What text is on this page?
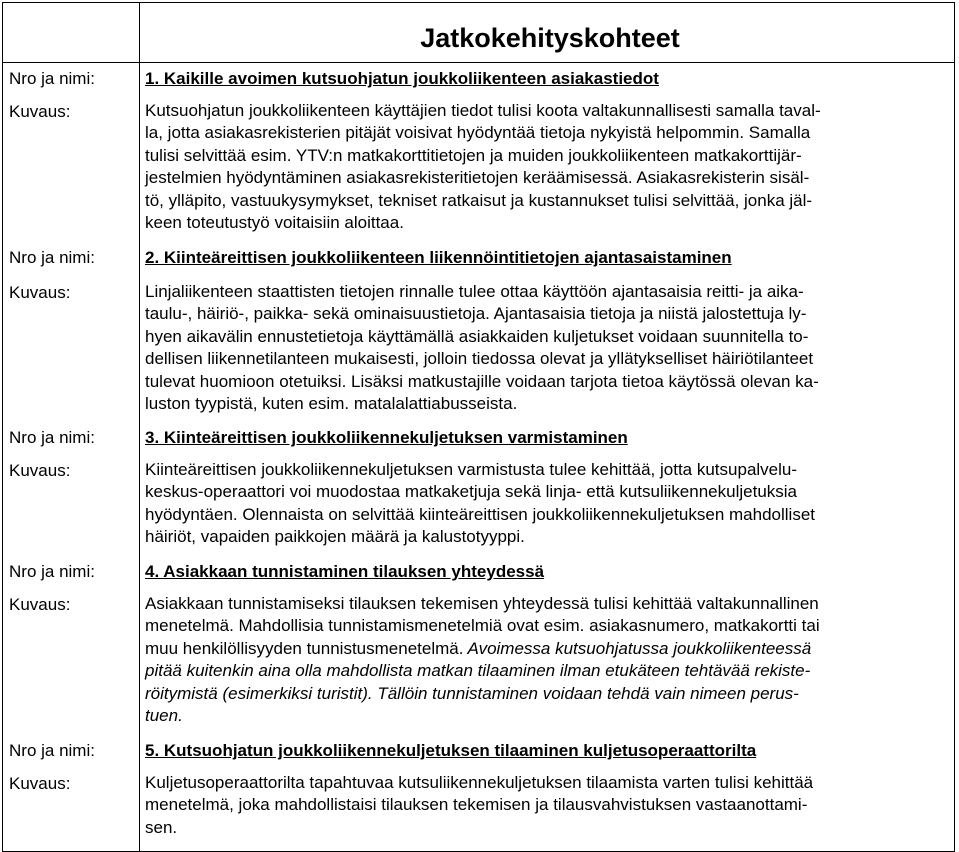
Jatkokehityskohteet
Nro ja nimi:	1. Kaikille avoimen kutsuohjatun joukkoliikenteen asiakastiedot
Kuvaus:	Kutsuohjatun joukkoliikenteen käyttäjien tiedot tulisi koota valtakunnallisesti samalla taval-
la, jotta asiakasrekisterien pitäjät voisivat hyödyntää tietoja nykyistä helpommin. Samalla
tulisi selvittää esim. YTV:n matkakorttitietojen ja muiden joukkoliikenteen matkakorttijär-
jestelmien hyödyntäminen asiakasrekisteritietojen keräämisessä. Asiakasrekisterin sisäl-
tö, ylläpito, vastuukysymykset, tekniset ratkaisut ja kustannukset tulisi selvittää, jonka jäl-
keen toteutustyö voitaisiin aloittaa.
Nro ja nimi:	2. Kiinteäreittisen joukkoliikenteen liikennöintitietojen ajantasaistaminen
Kuvaus:	Linjaliikenteen staattisten tietojen rinnalle tulee ottaa käyttöön ajantasaisia reitti- ja aika-
taulu-, häiriö-, paikka- sekä ominaisuustietoja. Ajantasaisia tietoja ja niistä jalostettuja ly-
hyen aikavälin ennustetietoja käyttämällä asiakkaiden kuljetukset voidaan suunnitella to-
dellisen liikennetilanteen mukaisesti, jolloin tiedossa olevat ja yllätykselliset häiriötilanteet
tulevat huomioon otetuiksi. Lisäksi matkustajille voidaan tarjota tietoa käytössä olevan ka-
luston tyypistä, kuten esim. matalalattiabusseista.
Nro ja nimi:	3. Kiinteäreittisen joukkoliikennekuljetuksen varmistaminen
Kuvaus:	Kiinteäreittisen joukkoliikennekuljetuksen varmistusta tulee kehittää, jotta kutsupalvelu-
keskus-operaattori voi muodostaa matkaketjuja sekä linja- että kutsuliikennekuljetuksia
hyödyntäen. Olennaista on selvittää kiinteäreittisen joukkoliikennekuljetuksen mahdolliset
häiriöt, vapaiden paikkojen määrä ja kalustotyyppi.
Nro ja nimi:	4. Asiakkaan tunnistaminen tilauksen yhteydessä
Kuvaus:	Asiakkaan tunnistamiseksi tilauksen tekemisen yhteydessä tulisi kehittää valtakunnallinen
menetelmä. Mahdollisia tunnistamismenetelmiä ovat esim. asiakasnumero, matkakortti tai
muu henkilöllisyyden tunnistusmenetelmä. Avoimessa kutsuohjatussa joukkoliikenteessä
pitää kuitenkin aina olla mahdollista matkan tilaaminen ilman etukäteen tehtävää rekiste-
röitymistä (esimerkiksi turistit). Tällöin tunnistaminen voidaan tehdä vain nimeen perus-
tuen.
Nro ja nimi:	5. Kutsuohjatun joukkoliikennekuljetuksen tilaaminen kuljetusoperaattorilta
Kuvaus:	Kuljetusoperaattorilta tapahtuvaa kutsuliikennekuljetuksen tilaamista varten tulisi kehittää
menetelmä, joka mahdollistaisi tilauksen tekemisen ja tilausvahvistuksen vastaanottami-
sen.
